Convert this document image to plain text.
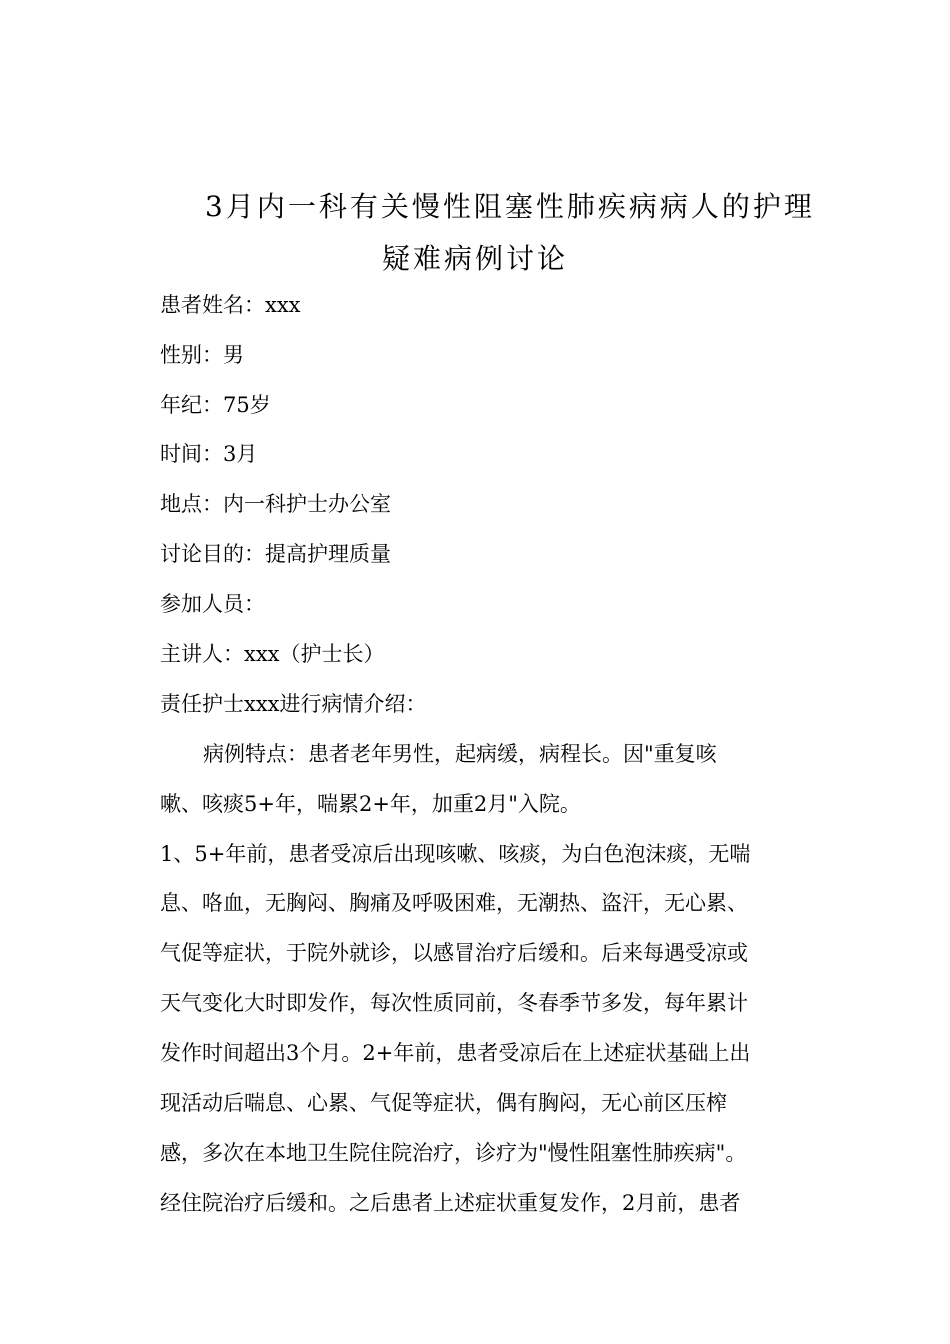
3月内一科有关慢性阻塞性肺疾病病人的护理
疑难病例讨论
患者姓名：xxx
性别：男
年纪：75岁
时间：3月
地点：内一科护士办公室
讨论目的：提高护理质量
参加人员：
主讲人：xxx（护士长）
责任护士xxx进行病情介绍：
病例特点：患者老年男性，起病缓，病程长。因"重复咳
嗽、咳痰5+年，喘累2+年，加重2月"入院。
1、5+年前，患者受凉后出现咳嗽、咳痰，为白色泡沫痰，无喘
息、咯血，无胸闷、胸痛及呼吸困难，无潮热、盗汗，无心累、
气促等症状，于院外就诊，以感冒治疗后缓和。后来每遇受凉或
天气变化大时即发作，每次性质同前，冬春季节多发，每年累计
发作时间超出3个月。2+年前，患者受凉后在上述症状基础上出
现活动后喘息、心累、气促等症状，偶有胸闷，无心前区压榨
感，多次在本地卫生院住院治疗，诊疗为"慢性阻塞性肺疾病"。
经住院治疗后缓和。之后患者上述症状重复发作，2月前，患者
